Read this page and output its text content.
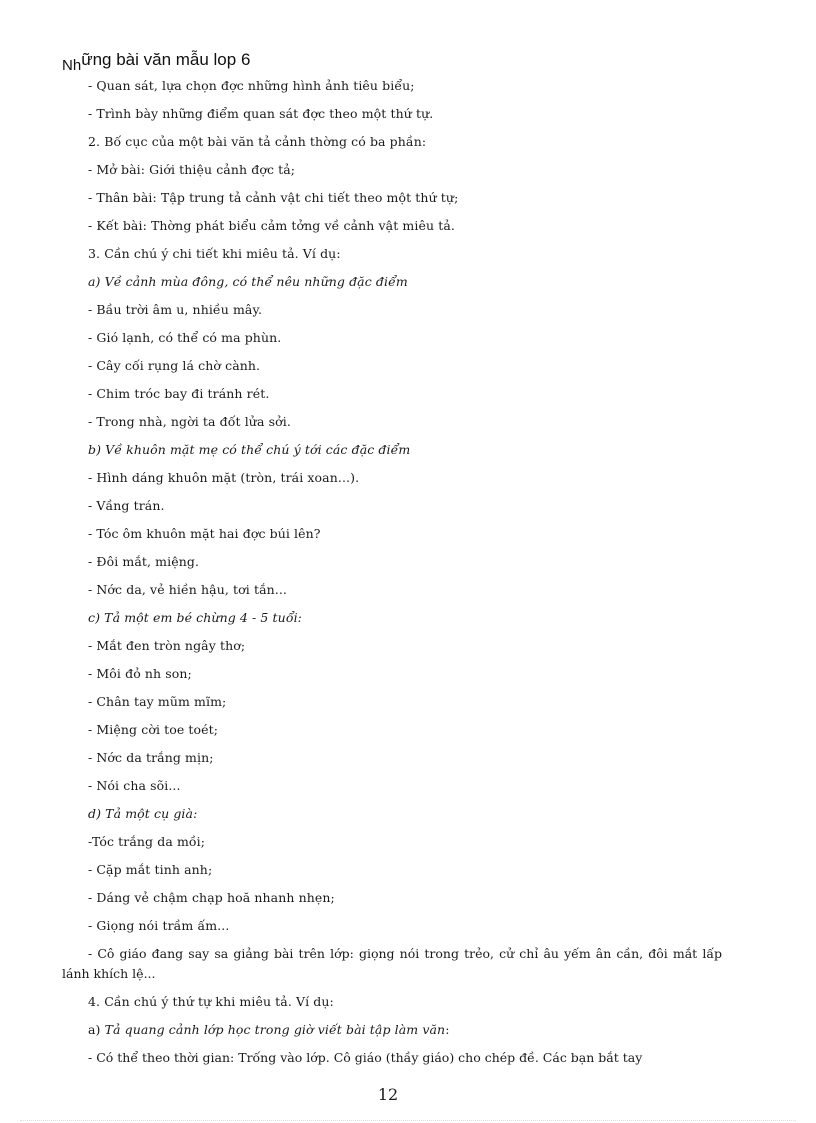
Những bài văn mẫu lop 6
- Quan sát, lựa chọn đợc những hình ảnh tiêu biểu;
- Trình bày những điểm quan sát đợc theo một thứ tự.
2. Bố cục của một bài văn tả cảnh thờng có ba phần:
- Mở bài: Giới thiệu cảnh đợc tả;
- Thân bài: Tập trung tả cảnh vật chi tiết theo một thứ tự;
- Kết bài: Thờng phát biểu cảm tởng về cảnh vật miêu tả.
3. Cần chú ý chi tiết khi miêu tả. Ví dụ:
a) Về cảnh mùa đông, có thể nêu những đặc điểm
- Bầu trời âm u, nhiều mây.
- Gió lạnh, có thể có ma phùn.
- Cây cối rụng lá chờ cành.
- Chim tróc bay đi tránh rét.
- Trong nhà, ngời ta đốt lửa sởi.
b) Về khuôn mặt mẹ có thể chú ý tới các đặc điểm
- Hình dáng khuôn mặt (tròn, trái xoan...).
- Vầng trán.
- Tóc ôm khuôn mặt hai đợc búi lên?
- Đôi mắt, miệng.
- Nớc da, vẻ hiền hậu, tơi tắn...
c) Tả một em bé chừng 4 - 5 tuổi:
- Mắt đen tròn ngây thơ;
- Môi đỏ nh son;
- Chân tay mũm mĩm;
- Miệng cời toe toét;
- Nớc da trắng mịn;
- Nói cha sõi...
d) Tả một cụ già:
-Tóc trắng da mồi;
- Cặp mắt tinh anh;
- Dáng vẻ chậm chạp hoă nhanh nhẹn;
- Giọng nói trầm ấm...
- Cô giáo đang say sa giảng bài trên lớp: giọng nói trong trẻo, cử chỉ âu yếm ân cần, đôi mắt lấp lánh khích lệ...
4. Cần chú ý thứ tự khi miêu tả. Ví dụ:
a) Tả quang cảnh lớp học trong giờ viết bài tập làm văn:
- Có thể theo thời gian: Trống vào lớp. Cô giáo (thầy giáo) cho chép đề. Các bạn bắt tay
12
